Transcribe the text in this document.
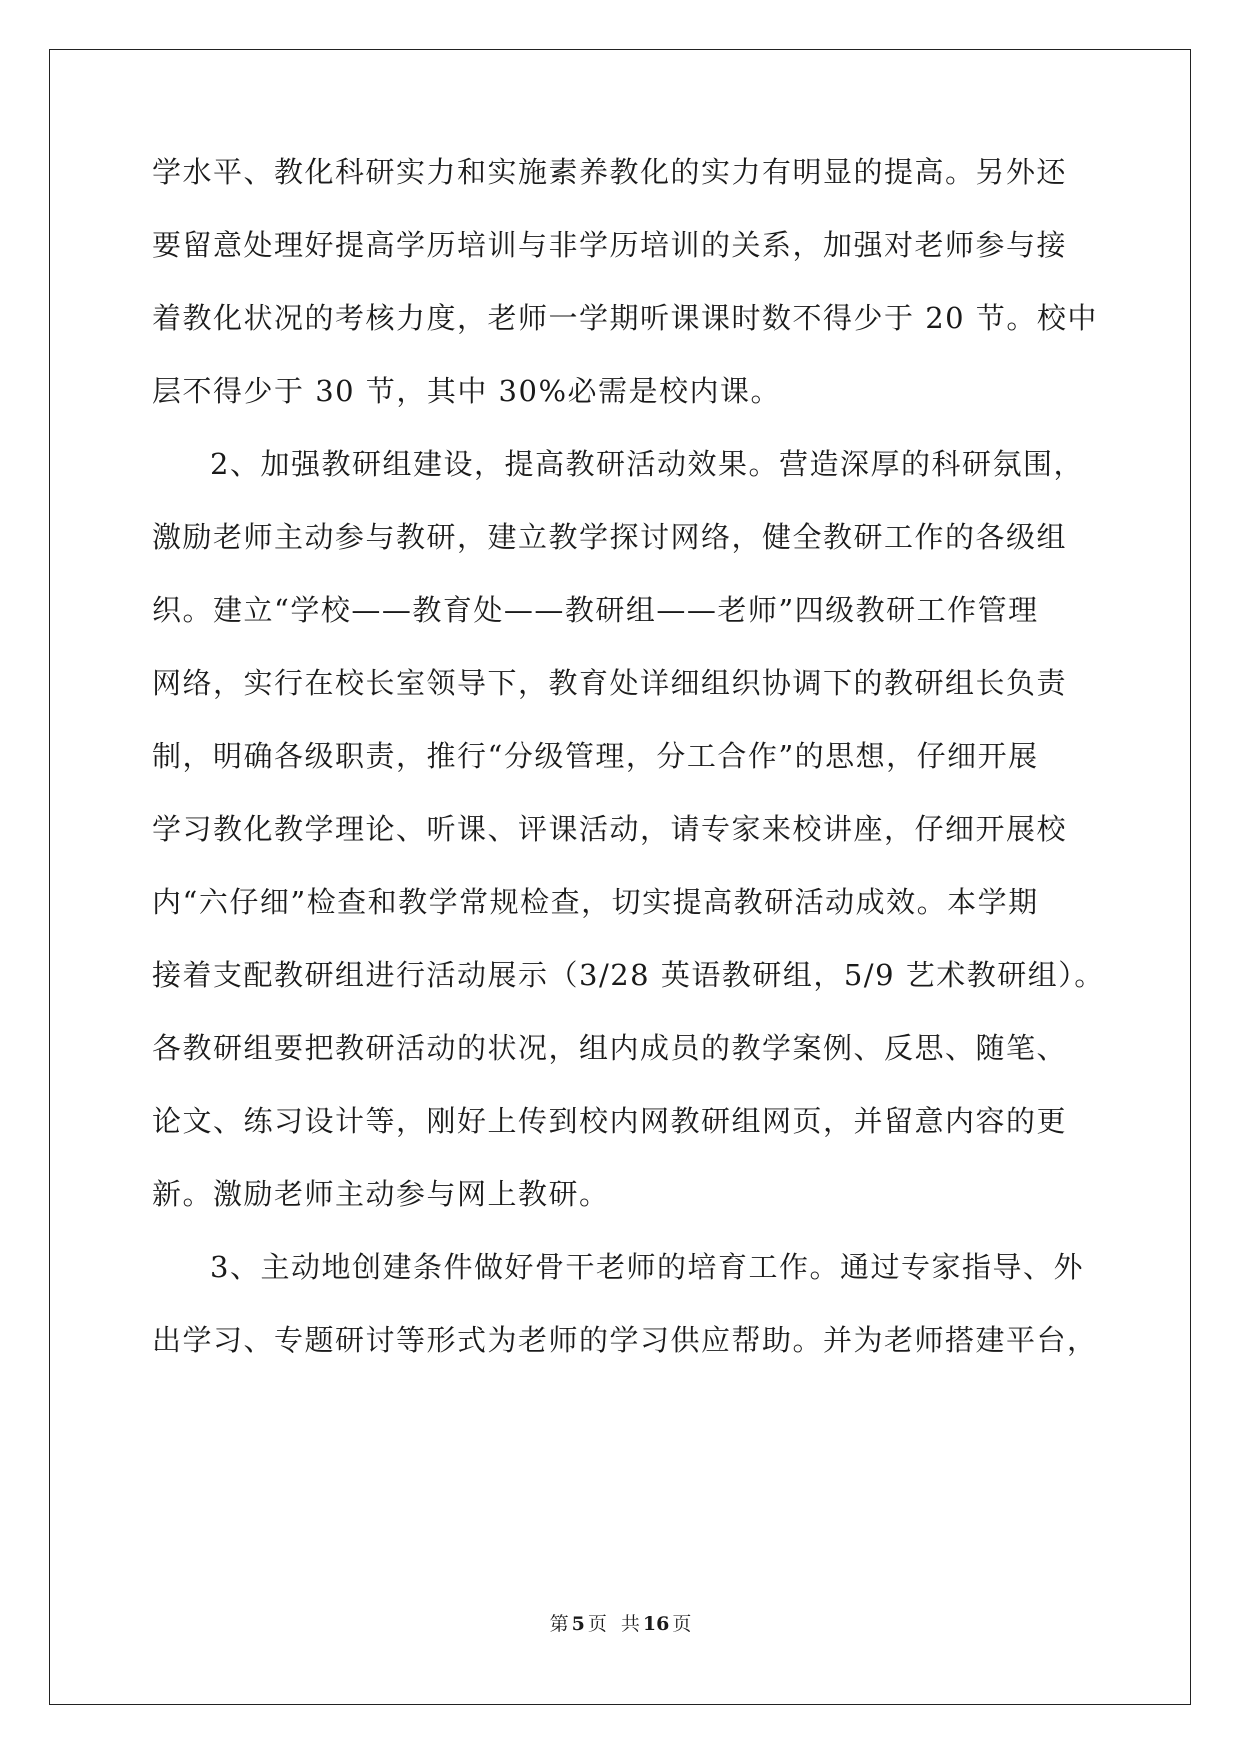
学水平、教化科研实力和实施素养教化的实力有明显的提高。另外还

要留意处理好提高学历培训与非学历培训的关系，加强对老师参与接

着教化状况的考核力度，老师一学期听课课时数不得少于 20 节。校中

层不得少于 30 节，其中 30%必需是校内课。

2、加强教研组建设，提高教研活动效果。营造深厚的科研氛围，

激励老师主动参与教研，建立教学探讨网络，健全教研工作的各级组

织。建立“学校——教育处——教研组——老师”四级教研工作管理

网络，实行在校长室领导下，教育处详细组织协调下的教研组长负责

制，明确各级职责，推行“分级管理，分工合作”的思想，仔细开展

学习教化教学理论、听课、评课活动，请专家来校讲座，仔细开展校

内“六仔细”检查和教学常规检查，切实提高教研活动成效。本学期

接着支配教研组进行活动展示（3/28 英语教研组，5/9 艺术教研组）。

各教研组要把教研活动的状况，组内成员的教学案例、反思、随笔、

论文、练习设计等，刚好上传到校内网教研组网页，并留意内容的更

新。激励老师主动参与网上教研。

3、主动地创建条件做好骨干老师的培育工作。通过专家指导、外

出学习、专题研讨等形式为老师的学习供应帮助。并为老师搭建平台，

第 5 页 共 16 页
